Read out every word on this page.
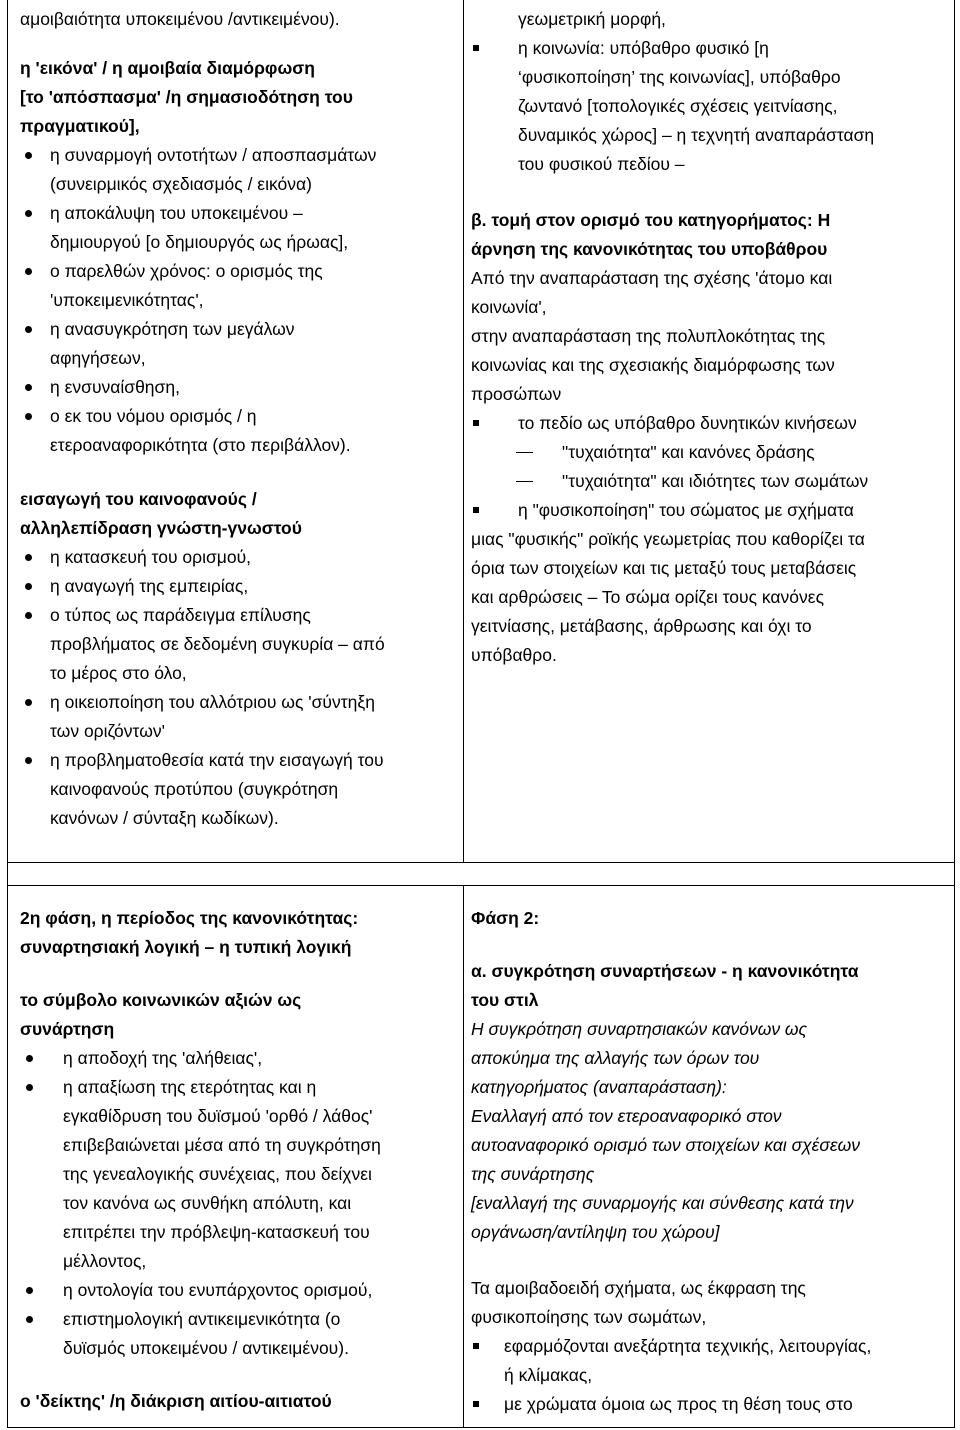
αμοιβαιότητα υποκειμένου /αντικειμένου).
η 'εικόνα' / η αμοιβαία διαμόρφωση
[το 'απόσπασμα' /η σημασιοδότηση του
πραγματικού],
η συναρμογή οντοτήτων / αποσπασμάτων
(συνειρμικός σχεδιασμός / εικόνα)
η αποκάλυψη του υποκειμένου –
δημιουργού [ο δημιουργός ως ήρωας],
ο παρελθών χρόνος: ο ορισμός της
'υποκειμενικότητας',
η ανασυγκρότηση των μεγάλων
αφηγήσεων,
η ενσυναίσθηση,
ο εκ του νόμου ορισμός / η
ετεροαναφορικότητα (στο περιβάλλον).
εισαγωγή του καινοφανούς /
αλληλεπίδραση γνώστη-γνωστού
η κατασκευή του ορισμού,
η αναγωγή της εμπειρίας,
ο τύπος ως παράδειγμα επίλυσης
προβλήματος σε δεδομένη συγκυρία – από
το μέρος στο όλο,
η οικειοποίηση του αλλότριου ως 'σύντηξη
των οριζόντων'
η προβληματοθεσία κατά την εισαγωγή του
καινοφανούς προτύπου (συγκρότηση
κανόνων / σύνταξη κωδίκων).
γεωμετρική μορφή,
η κοινωνία: υπόβαθρο φυσικό [η
‘φυσικοποίηση’ της κοινωνίας], υπόβαθρο
ζωντανό [τοπολογικές σχέσεις γειτνίασης,
δυναμικός χώρος] – η τεχνητή αναπαράσταση
του φυσικού πεδίου –
β. τομή στον ορισμό του κατηγορήματος: Η
άρνηση της κανονικότητας του υποβάθρου
Από την αναπαράσταση της σχέσης 'άτομο και
κοινωνία',
στην αναπαράσταση της πολυπλοκότητας της
κοινωνίας και της σχεσιακής διαμόρφωσης των
προσώπων
το πεδίο ως υπόβαθρο δυνητικών κινήσεων
"τυχαιότητα" και κανόνες δράσης
"τυχαιότητα" και ιδιότητες των σωμάτων
η "φυσικοποίηση" του σώματος με σχήματα
μιας "φυσικής" ροϊκής γεωμετρίας που καθορίζει τα
όρια των στοιχείων και τις μεταξύ τους μεταβάσεις
και αρθρώσεις – Το σώμα ορίζει τους κανόνες
γειτνίασης, μετάβασης, άρθρωσης και όχι το
υπόβαθρο.
2η φάση, η περίοδος της κανονικότητας:
συναρτησιακή λογική – η τυπική λογική
το σύμβολο κοινωνικών αξιών ως
συνάρτηση
η αποδοχή της 'αλήθειας',
η απαξίωση της ετερότητας και η
εγκαθίδρυση του δυϊσμού 'ορθό / λάθος'
επιβεβαιώνεται μέσα από τη συγκρότηση
της γενεαλογικής συνέχειας, που δείχνει
τον κανόνα ως συνθήκη απόλυτη, και
επιτρέπει την πρόβλεψη-κατασκευή του
μέλλοντος,
η οντολογία του ενυπάρχοντος ορισμού,
επιστημολογική αντικειμενικότητα (ο
δυϊσμός υποκειμένου / αντικειμένου).
ο 'δείκτης' /η διάκριση αιτίου-αιτιατού
Φάση 2:
α. συγκρότηση συναρτήσεων - η κανονικότητα
του στιλ
Η συγκρότηση συναρτησιακών κανόνων ως
αποκύημα της αλλαγής των όρων του
κατηγορήματος (αναπαράσταση):
Εναλλαγή από τον ετεροαναφορικό στον
αυτοαναφορικό ορισμό των στοιχείων και σχέσεων
της συνάρτησης
[εναλλαγή της συναρμογής και σύνθεσης κατά την
οργάνωση/αντίληψη του χώρου]
Τα αμοιβαδοειδή σχήματα, ως έκφραση της
φυσικοποίησης των σωμάτων,
εφαρμόζονται ανεξάρτητα τεχνικής, λειτουργίας,
ή κλίμακας,
με χρώματα όμοια ως προς τη θέση τους στο
